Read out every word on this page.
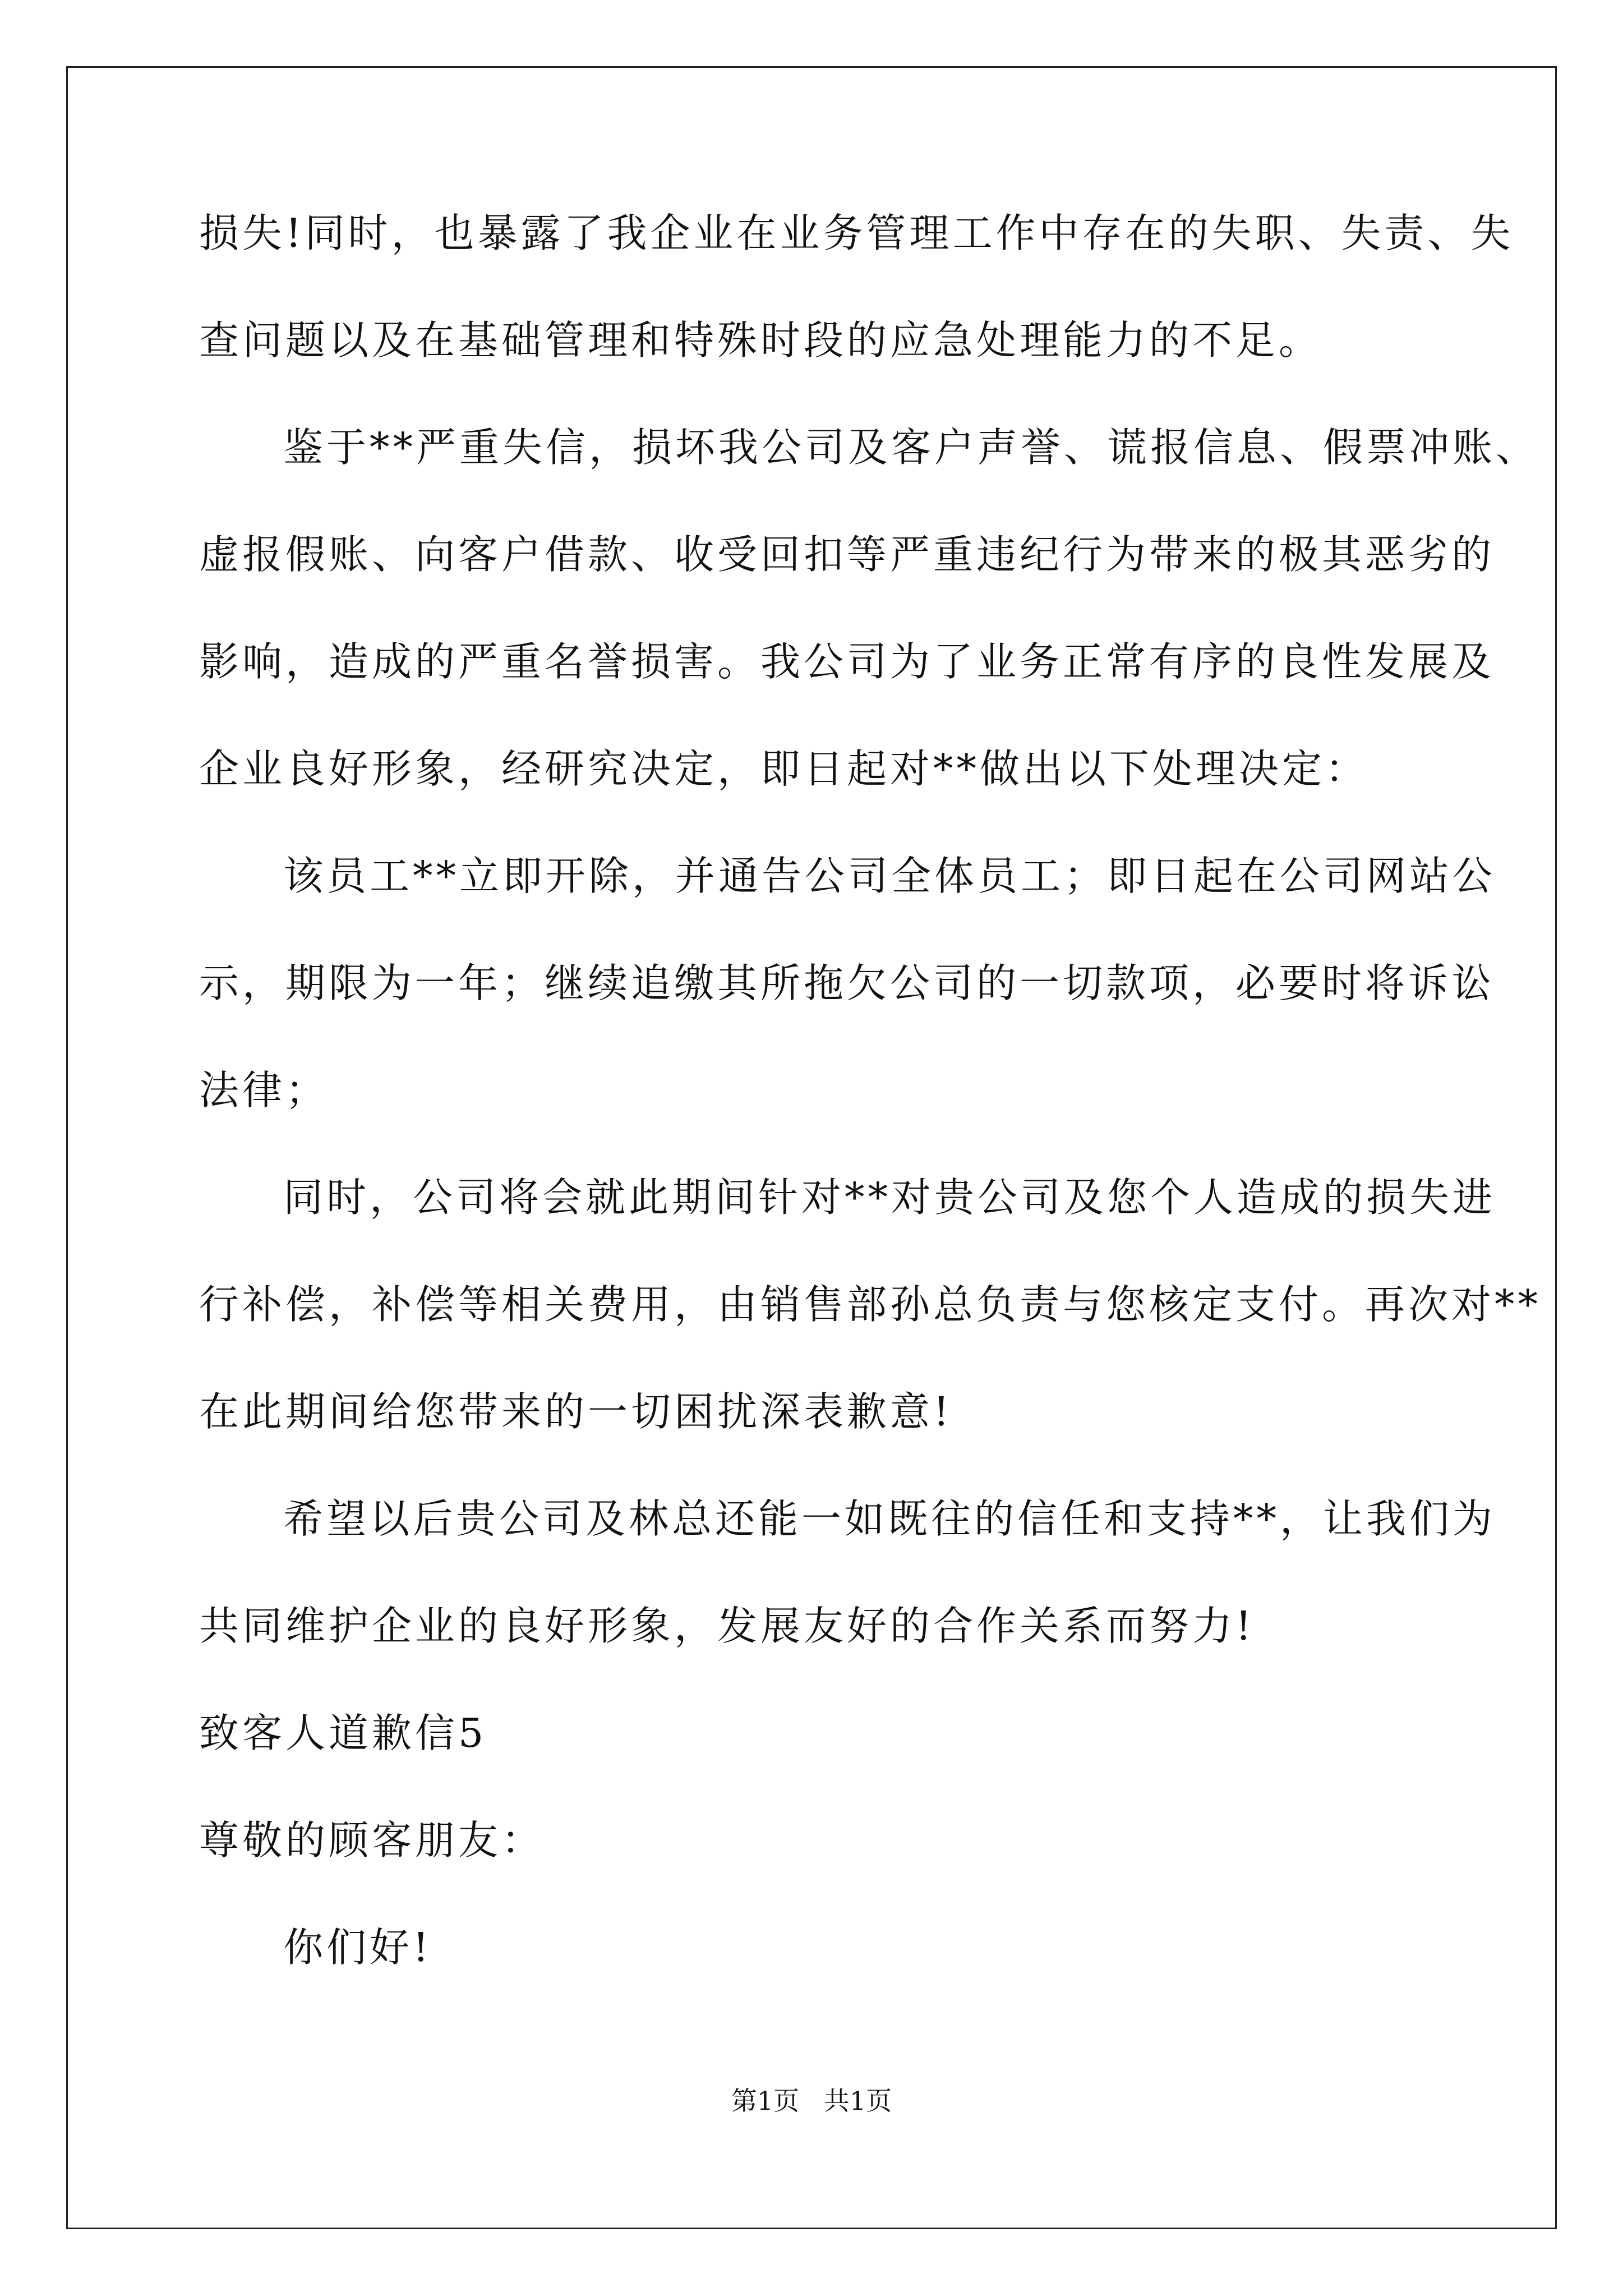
损失!同时，也暴露了我企业在业务管理工作中存在的失职、失责、失
查问题以及在基础管理和特殊时段的应急处理能力的不足。
鉴于**严重失信，损坏我公司及客户声誉、谎报信息、假票冲账、
虚报假账、向客户借款、收受回扣等严重违纪行为带来的极其恶劣的
影响，造成的严重名誉损害。我公司为了业务正常有序的良性发展及
企业良好形象，经研究决定，即日起对**做出以下处理决定：
该员工**立即开除，并通告公司全体员工；即日起在公司网站公
示，期限为一年；继续追缴其所拖欠公司的一切款项，必要时将诉讼
法律；
同时，公司将会就此期间针对**对贵公司及您个人造成的损失进
行补偿，补偿等相关费用，由销售部孙总负责与您核定支付。再次对**
在此期间给您带来的一切困扰深表歉意!
希望以后贵公司及林总还能一如既往的信任和支持**，让我们为
共同维护企业的良好形象，发展友好的合作关系而努力!
致客人道歉信5
尊敬的顾客朋友：
你们好!
第1页   共1页
